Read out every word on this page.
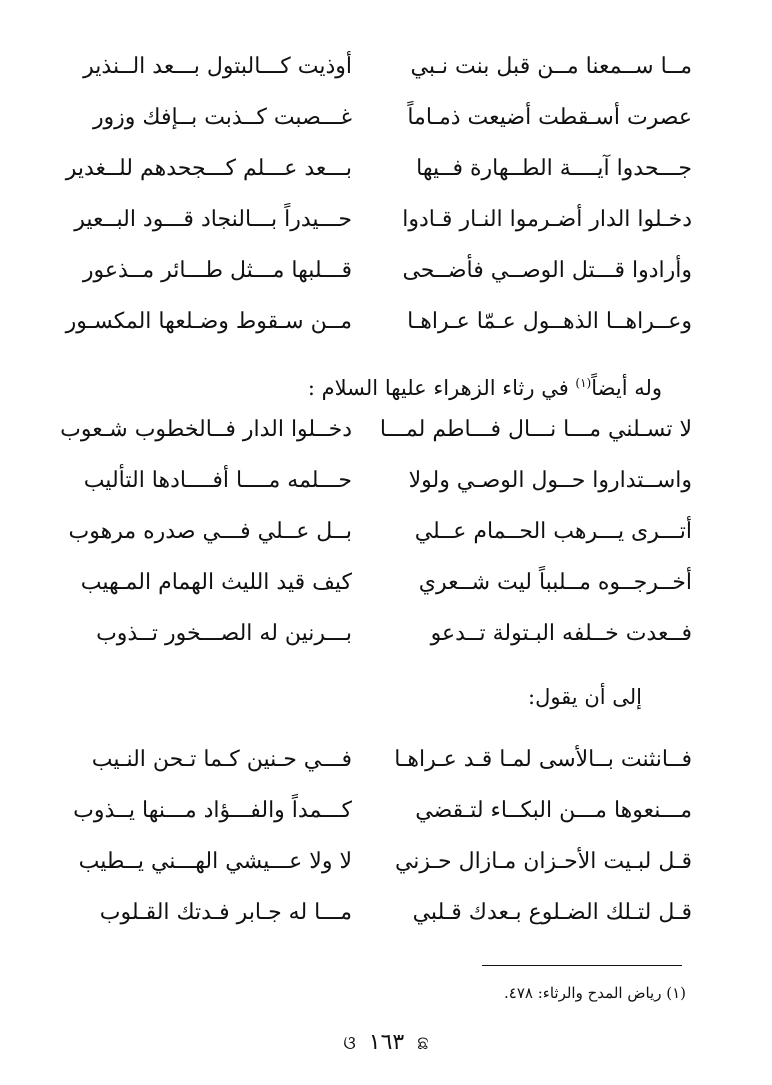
مــا ســمعنا مــن قبل بنت نـبي
أوذيت كـــالبتول بـــعد الــنذير
عصرت أسـقطت أضيعت ذمـاماً
غـــصبت كــذبت بــإفك وزور
جـــحدوا آيــــة الطــهارة فــيها
بـــعد عـــلم كـــجحدهم للــغدير
دخـلوا الدار أضـرموا النـار قـادوا
حـــيدراً بـــالنجاد قـــود البــعير
وأرادوا قـــتل الوصــي فأضــحى
قـــلبها مـــثل طـــائر مــذعور
وعــراهــا الذهــول عـمّا عـراهـا
مــن سـقوط وضـلعها المكسـور
وله أيضاً$^{(١)}$ في رثاء الزهراء عليها السلام :
لا تسـلني مـــا نـــال فـــاطم لمـــا
دخــلوا الدار فــالخطوب شـعوب
واســتداروا حــول الوصـي ولولا
حـــلمه مــــا أفــــادها التأليب
أتـــرى يـــرهب الحــمام عــلي
بــل عــلي فـــي صدره مرهوب
أخــرجــوه مــلبباً ليت شــعري
كيف قيد الليث الهمام المـهيب
فــعدت خــلفه البـتولة تــدعو
بـــرنين له الصـــخور تــذوب
إلى أن يقول:
فــانثنت بــالأسى لمـا قـد عـراهـا
فـــي حـنين كـما تـحن النـيب
مـــنعوها مـــن البكــاء لتـقضي
كـــمداً والفـــؤاد مـــنها يــذوب
قـل لبـيت الأحـزان مـازال حـزني
لا ولا عـــيشي الهـــني يــطيب
قـل لتـلك الضـلوع بـعدك قـلبي
مـــا له جـابر فـدتك القـلوب
(١) رياض المدح والرثاء: ٤٧٨.
ଛ ١٦٣ ଓ
